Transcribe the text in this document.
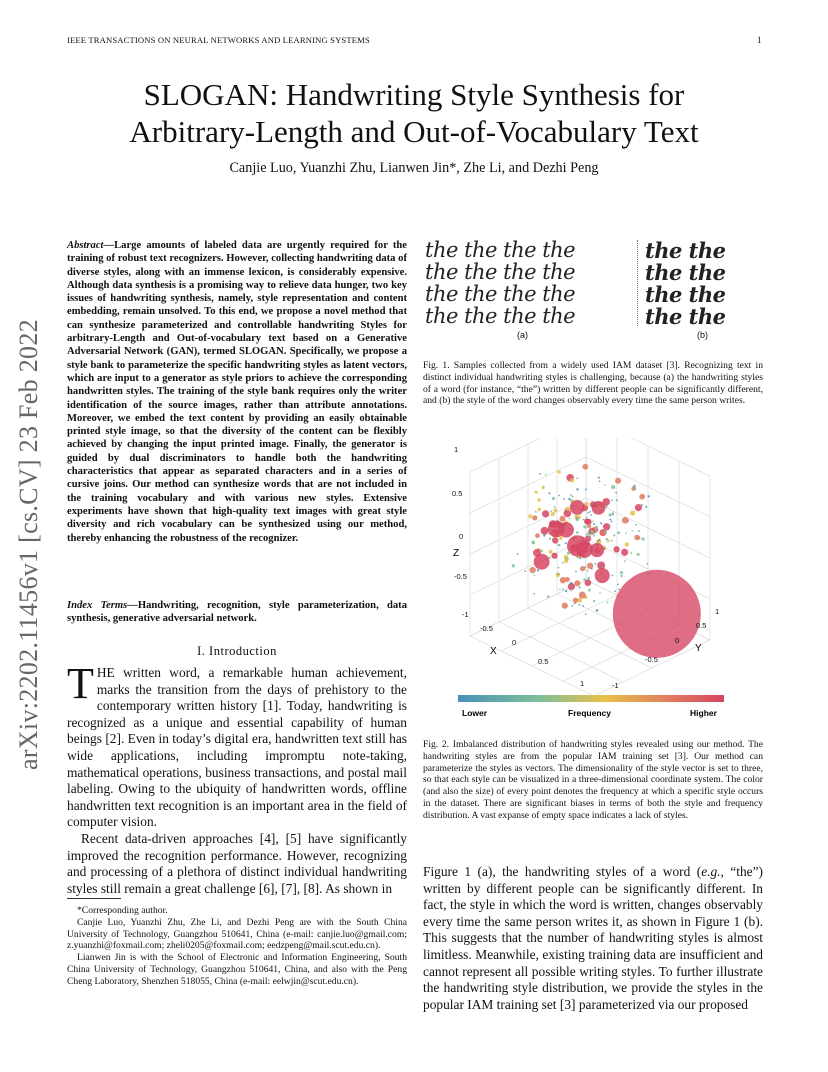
IEEE TRANSACTIONS ON NEURAL NETWORKS AND LEARNING SYSTEMS	1
arXiv:2202.11456v1 [cs.CV] 23 Feb 2022
SLOGAN: Handwriting Style Synthesis for
Arbitrary-Length and Out-of-Vocabulary Text
Canjie Luo, Yuanzhi Zhu, Lianwen Jin*, Zhe Li, and Dezhi Peng
Abstract—Large amounts of labeled data are urgently required for the training of robust text recognizers. However, collecting handwriting data of diverse styles, along with an immense lexicon, is considerably expensive. Although data synthesis is a promising way to relieve data hunger, two key issues of handwriting synthesis, namely, style representation and content embedding, remain unsolved. To this end, we propose a novel method that can synthesize parameterized and controllable handwriting Styles for arbitrary-Length and Out-of-vocabulary text based on a Generative Adversarial Network (GAN), termed SLOGAN. Specifically, we propose a style bank to parameterize the specific handwriting styles as latent vectors, which are input to a generator as style priors to achieve the corresponding handwritten styles. The training of the style bank requires only the writer identification of the source images, rather than attribute annotations. Moreover, we embed the text content by providing an easily obtainable printed style image, so that the diversity of the content can be flexibly achieved by changing the input printed image. Finally, the generator is guided by dual discriminators to handle both the handwriting characteristics that appear as separated characters and in a series of cursive joins. Our method can synthesize words that are not included in the training vocabulary and with various new styles. Extensive experiments have shown that high-quality text images with great style diversity and rich vocabulary can be synthesized using our method, thereby enhancing the robustness of the recognizer.
Index Terms—Handwriting, recognition, style parameterization, data synthesis, generative adversarial network.
I. Introduction

THE written word, a remarkable human achievement, marks the transition from the days of prehistory to the contemporary written history [1]. Today, handwriting is recognized as a unique and essential capability of human beings [2]. Even in today’s digital era, handwritten text still has wide applications, including impromptu note-taking, mathematical operations, business transactions, and postal mail labeling. Owing to the ubiquity of handwritten words, offline handwritten text recognition is an important area in the field of computer vision.

Recent data-driven approaches [4], [5] have significantly improved the recognition performance. However, recognizing and processing of a plethora of distinct individual handwriting styles still remain a great challenge [6], [7], [8]. As shown in

*Corresponding author.

Canjie Luo, Yuanzhi Zhu, Zhe Li, and Dezhi Peng are with the South China University of Technology, Guangzhou 510641, China (e-mail: canjie.luo@gmail.com; z.yuanzhi@foxmail.com; zheli0205@foxmail.com; eedzpeng@mail.scut.edu.cn).

Lianwen Jin is with the School of Electronic and Information Engineering, South China University of Technology, Guangzhou 510641, China, and also with the Peng Cheng Laboratory, Shenzhen 518055, China (e-mail: eelwjin@scut.edu.cn).

the the the the
the the the the
the the the the
the the the the
the the
the the
the the
the the
(a)	(b)
Fig. 1. Samples collected from a widely used IAM dataset [3]. Recognizing text in distinct individual handwriting styles is challenging, because (a) the handwriting styles of a word (for instance, “the”) written by different people can be significantly different, and (b) the style of the word changes observably every time the same person writes.
1
0.5
0
-0.5
-1
-0.5
0
0.5
1	-1
-0.5
0
0.5
1
X	Y
Z
Lower	Frequency	Higher
Fig. 2. Imbalanced distribution of handwriting styles revealed using our method. The handwriting styles are from the popular IAM training set [3]. Our method can parameterize the styles as vectors. The dimensionality of the style vector is set to three, so that each style can be visualized in a three-dimensional coordinate system. The color (and also the size) of every point denotes the frequency at which a specific style occurs in the dataset. There are significant biases in terms of both the style and frequency distribution. A vast expanse of empty space indicates a lack of styles.

Figure 1 (a), the handwriting styles of a word (e.g., “the”) written by different people can be significantly different. In fact, the style in which the word is written, changes observably every time the same person writes it, as shown in Figure 1 (b). This suggests that the number of handwriting styles is almost limitless. Meanwhile, existing training data are insufficient and cannot represent all possible writing styles. To further illustrate the handwriting style distribution, we provide the styles in the popular IAM training set [3] parameterized via our proposed
